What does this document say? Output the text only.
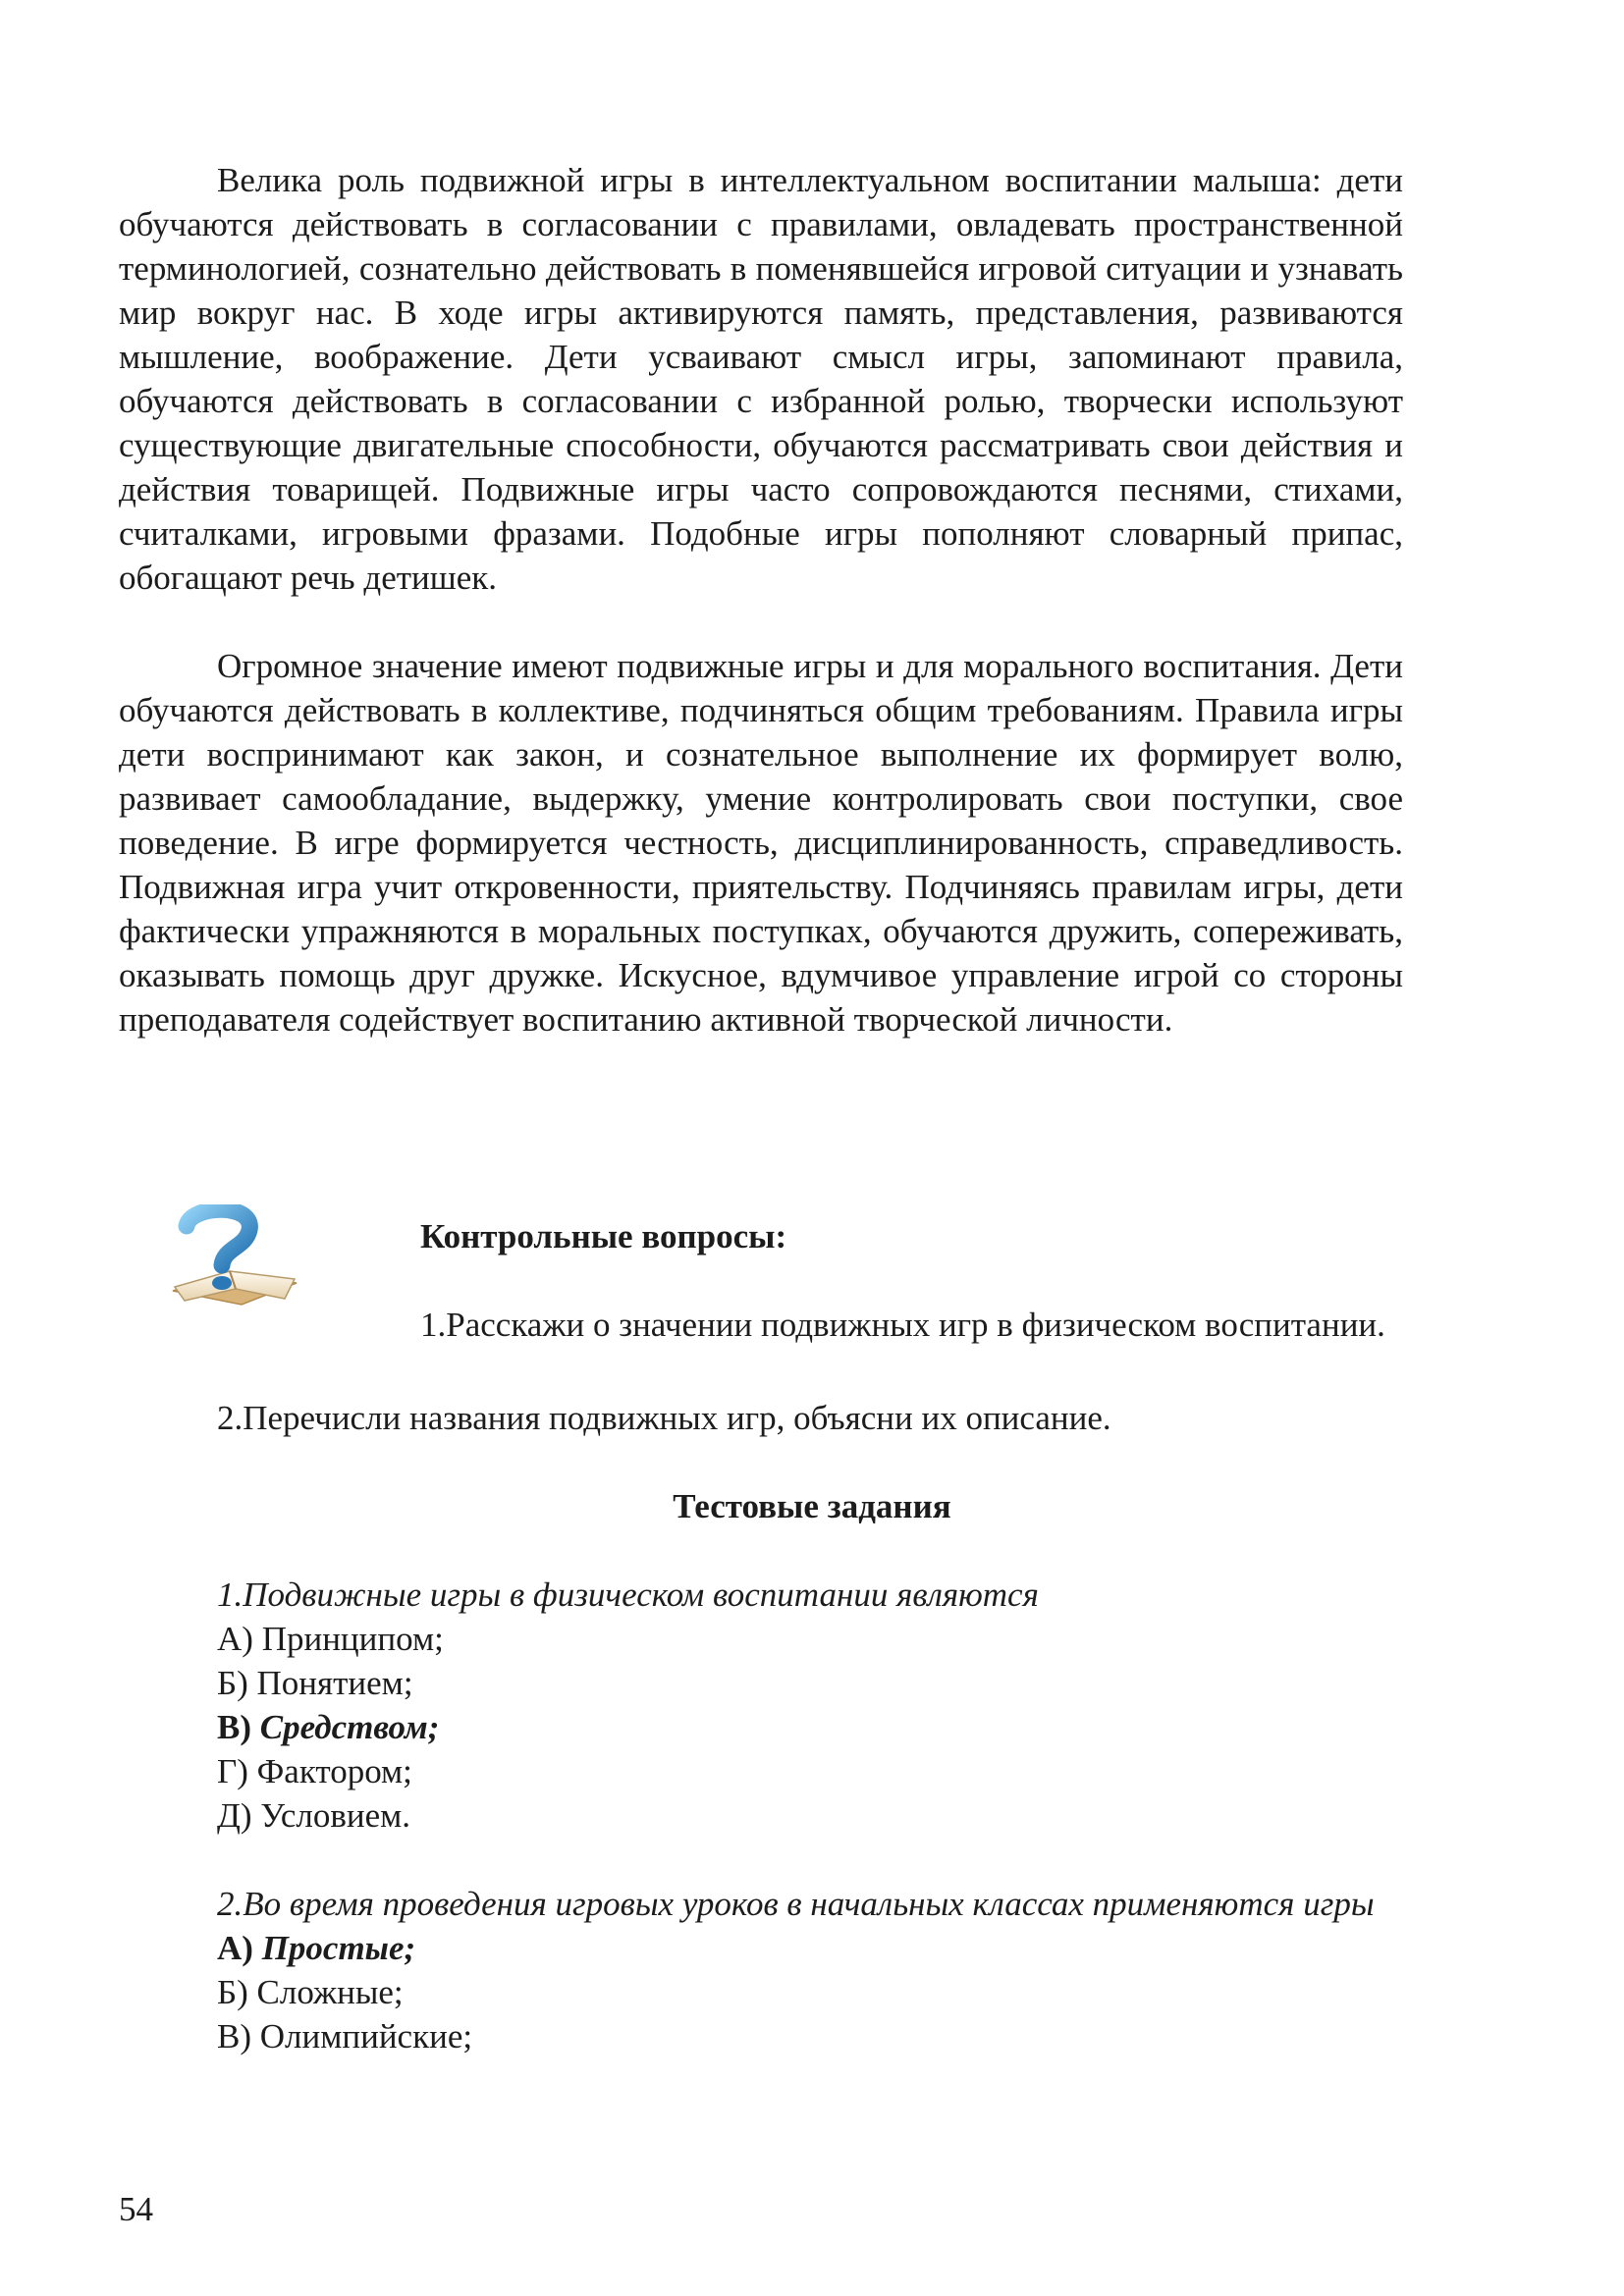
Велика роль подвижной игры в интеллектуальном воспитании малыша: дети обучаются действовать в согласовании с правилами, овладевать пространственной терминологией, сознательно действовать в поменявшейся игровой ситуации и узнавать мир вокруг нас. В ходе игры активируются память, представления, развиваются мышление, воображение. Дети усваивают смысл игры, запоминают правила, обучаются действовать в согласовании с избранной ролью, творчески используют существующие двигательные способности, обучаются рассматривать свои действия и действия товарищей. Подвижные игры часто сопровождаются песнями, стихами, считалками, игровыми фразами. Подобные игры пополняют словарный припас, обогащают речь детишек.

Огромное значение имеют подвижные игры и для морального воспитания. Дети обучаются действовать в коллективе, подчиняться общим требованиям. Правила игры дети воспринимают как закон, и сознательное выполнение их формирует волю, развивает самообладание, выдержку, умение контролировать свои поступки, свое поведение. В игре формируется честность, дисциплинированность, справедливость. Подвижная игра учит откровенности, приятельству. Подчиняясь правилам игры, дети фактически упражняются в моральных поступках, обучаются дружить, сопереживать, оказывать помощь друг дружке. Искусное, вдумчивое управление игрой со стороны преподавателя содействует воспитанию активной творческой личности.

Контрольные вопросы:

1.Расскажи о значении подвижных игр в физическом воспитании.

2.Перечисли названия подвижных игр, объясни их описание.

Тестовые задания

1.Подвижные игры в физическом воспитании являются

А) Принципом;

Б) Понятием;

В) Средством;

Г) Фактором;

Д) Условием.

2.Во время проведения игровых уроков в начальных классах применяются игры

А) Простые;

Б) Сложные;

В) Олимпийские;

54
